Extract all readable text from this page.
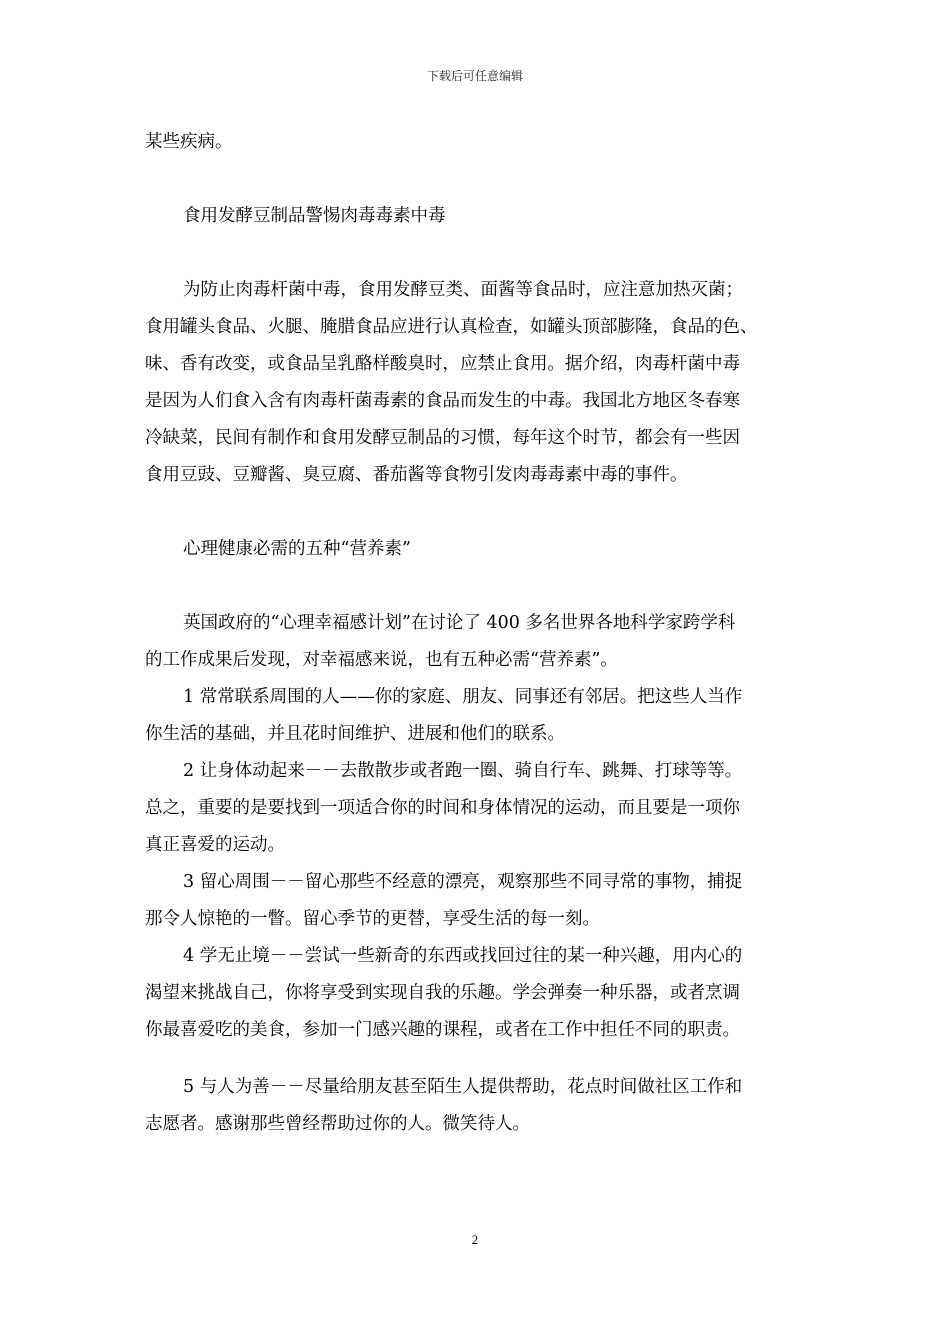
下载后可任意编辑

某些疾病。

食用发酵豆制品警惕肉毒毒素中毒

为防止肉毒杆菌中毒，食用发酵豆类、面酱等食品时，应注意加热灭菌；

食用罐头食品、火腿、腌腊食品应进行认真检查，如罐头顶部膨隆，食品的色、

味、香有改变，或食品呈乳酪样酸臭时，应禁止食用。据介绍，肉毒杆菌中毒

是因为人们食入含有肉毒杆菌毒素的食品而发生的中毒。我国北方地区冬春寒

冷缺菜，民间有制作和食用发酵豆制品的习惯，每年这个时节，都会有一些因

食用豆豉、豆瓣酱、臭豆腐、番茄酱等食物引发肉毒毒素中毒的事件。

心理健康必需的五种“营养素”

英国政府的“心理幸福感计划”在讨论了 400 多名世界各地科学家跨学科

的工作成果后发现，对幸福感来说，也有五种必需“营养素”。

1 常常联系周围的人——你的家庭、朋友、同事还有邻居。把这些人当作

你生活的基础，并且花时间维护、进展和他们的联系。

2 让身体动起来－－去散散步或者跑一圈、骑自行车、跳舞、打球等等。

总之，重要的是要找到一项适合你的时间和身体情况的运动，而且要是一项你

真正喜爱的运动。

3 留心周围－－留心那些不经意的漂亮，观察那些不同寻常的事物，捕捉

那令人惊艳的一瞥。留心季节的更替，享受生活的每一刻。

4 学无止境－－尝试一些新奇的东西或找回过往的某一种兴趣，用内心的

渴望来挑战自己，你将享受到实现自我的乐趣。学会弹奏一种乐器，或者烹调

你最喜爱吃的美食，参加一门感兴趣的课程，或者在工作中担任不同的职责。

5 与人为善－－尽量给朋友甚至陌生人提供帮助，花点时间做社区工作和

志愿者。感谢那些曾经帮助过你的人。微笑待人。

2
